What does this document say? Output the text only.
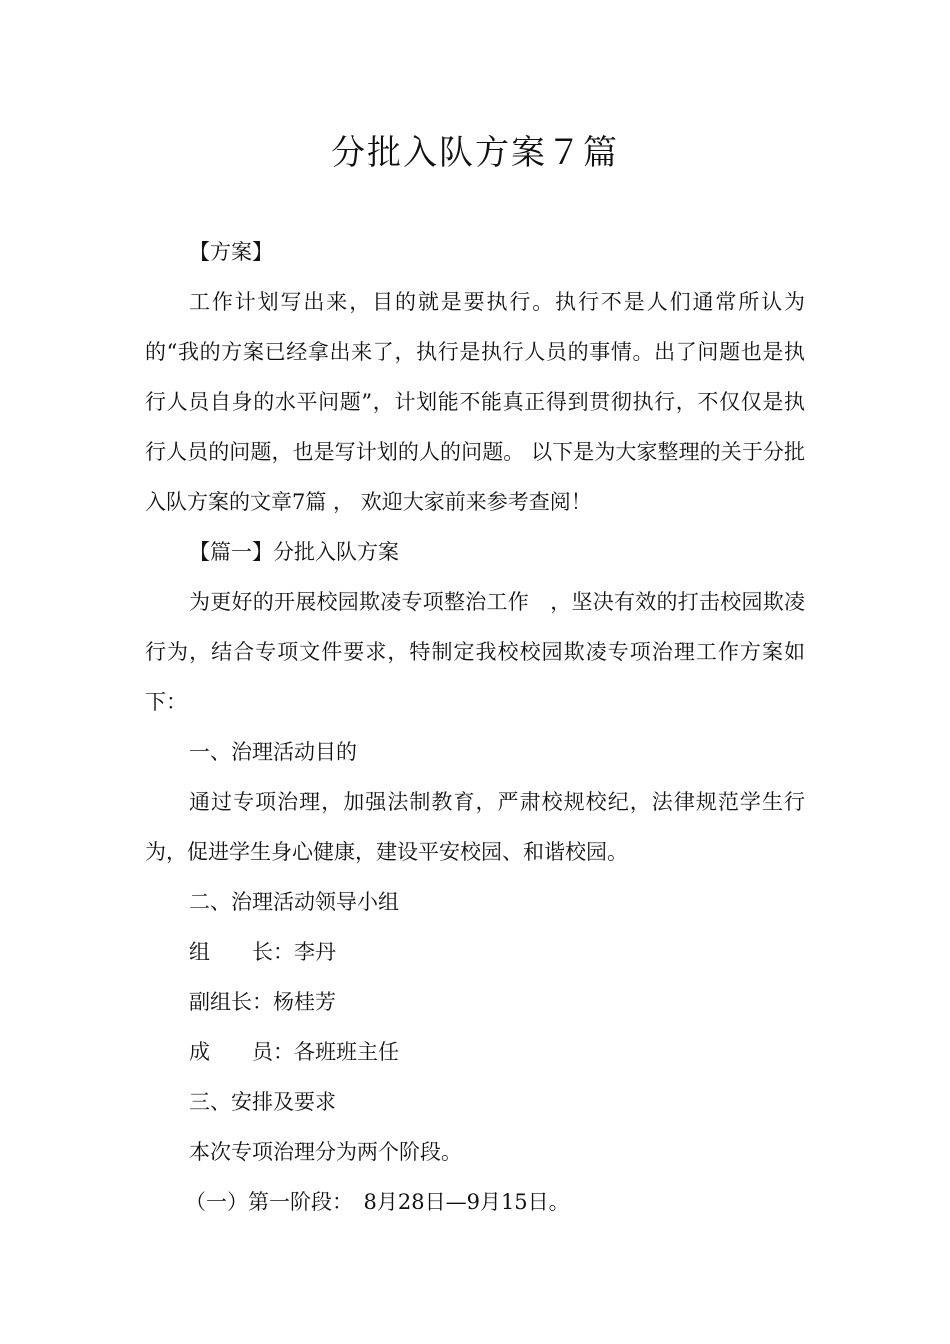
分批入队方案７篇

【方案】

工作计划写出来，目的就是要执行。执行不是人们通常所认为的“我的方案已经拿出来了，执行是执行人员的事情。出了问题也是执行人员自身的水平问题”，计划能不能真正得到贯彻执行，不仅仅是执行人员的问题，也是写计划的人的问题。 以下是为大家整理的关于分批入队方案的文章7篇 ， 欢迎大家前来参考查阅！

【篇一】分批入队方案

为更好的开展校园欺凌专项整治工作　，坚决有效的打击校园欺凌行为，结合专项文件要求，特制定我校校园欺凌专项治理工作方案如下：

一、治理活动目的

通过专项治理，加强法制教育，严肃校规校纪，法律规范学生行为，促进学生身心健康，建设平安校园、和谐校园。

二、治理活动领导小组

组　　长：李丹

副组长：杨桂芳

成　　员：各班班主任

三、安排及要求

本次专项治理分为两个阶段。

（一）第一阶段：　8月28日—9月15日。
